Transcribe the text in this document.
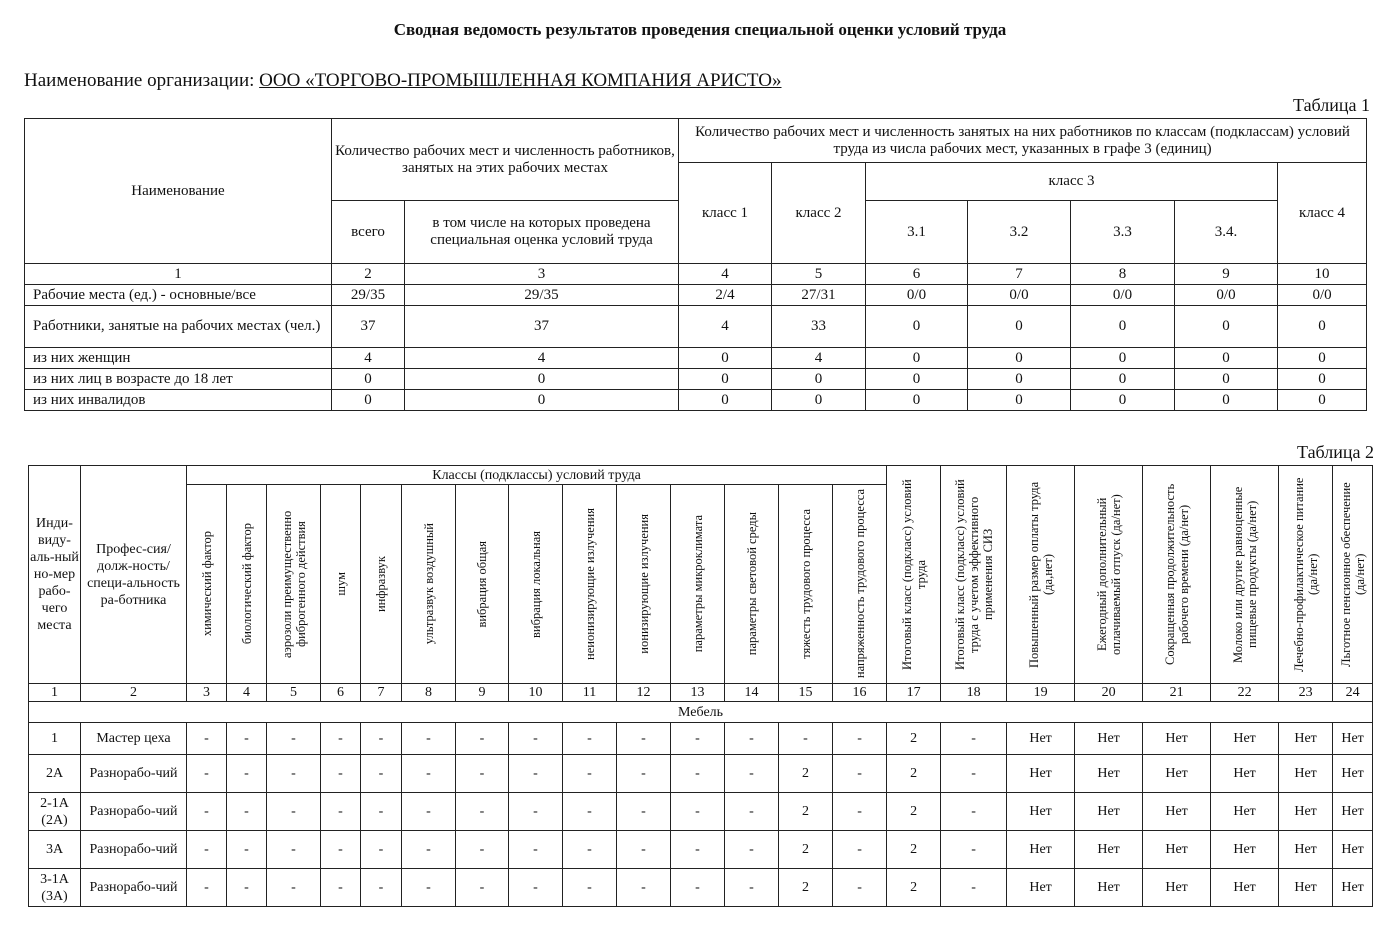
Сводная ведомость результатов проведения специальной оценки условий труда
Наименование организации: ООО «ТОРГОВО-ПРОМЫШЛЕННАЯ КОМПАНИЯ АРИСТО»
Таблица 1
Наименование	Количество рабочих мест и численность работников, занятых на этих рабочих местах		Количество рабочих мест и численность занятых на них работников по классам (подклассам) условий труда из числа рабочих мест, указанных в графе 3 (единиц)						
			класс 1	класс 2	класс 3				класс 4
	всего	в том числе на которых проведена специальная оценка условий труда			3.1	3.2	3.3	3.4.	
1	2	3	4	5	6	7	8	9	10
Рабочие места (ед.) - основные/все	29/35	29/35	2/4	27/31	0/0	0/0	0/0	0/0	0/0
Работники, занятые на рабочих местах (чел.)	37	37	4	33	0	0	0	0	0
из них женщин	4	4	0	4	0	0	0	0	0
из них лиц в возрасте до 18 лет	0	0	0	0	0	0	0	0	0
из них инвалидов	0	0	0	0	0	0	0	0	0
Таблица 2
Инди-виду-аль-ный но-мер рабо-чего места	Профес-сия/долж-ность/специ-альность ра-ботника	Классы (подклассы) условий труда														Итоговый класс (подкласс) условий труда	Итоговый класс (подкласс) условий труда с учетом эффективного применения СИЗ	Повышенный размер оплаты труда (да,нет)	Ежегодный дополнительный оплачиваемый отпуск (да/нет)	Сокращенная продолжительность рабочего времени (да/нет)	Молоко или другие равноценные пищевые продукты (да/нет)	Лечебно-профилактическое питание (да/нет)	Льготное пенсионное обеспечение (да/нет)

		химический фактор	биологический фактор	аэрозоли преимущественно фиброгенного действия	шум	инфразвук	ультразвук воздушный	вибрация общая	вибрация локальная	неионизирующие излучения	ионизирующие излучения	параметры микроклимата	параметры световой среды	тяжесть трудового процесса	напряженность трудового процесса								

1	2	3	4	5	6	7	8	9	10	11	12	13	14	15	16	17	18	19	20	21	22	23	24
Мебель																							
1	Мастер цеха	-	-	-	-	-	-	-	-	-	-	-	-	-	-	2	-	Нет	Нет	Нет	Нет	Нет	Нет
2А	Разнорабо-чий	-	-	-	-	-	-	-	-	-	-	-	-	2	-	2	-	Нет	Нет	Нет	Нет	Нет	Нет
2-1А (2А)	Разнорабо-чий	-	-	-	-	-	-	-	-	-	-	-	-	2	-	2	-	Нет	Нет	Нет	Нет	Нет	Нет
3А	Разнорабо-чий	-	-	-	-	-	-	-	-	-	-	-	-	2	-	2	-	Нет	Нет	Нет	Нет	Нет	Нет
3-1А (3А)	Разнорабо-чий	-	-	-	-	-	-	-	-	-	-	-	-	2	-	2	-	Нет	Нет	Нет	Нет	Нет	Нет
